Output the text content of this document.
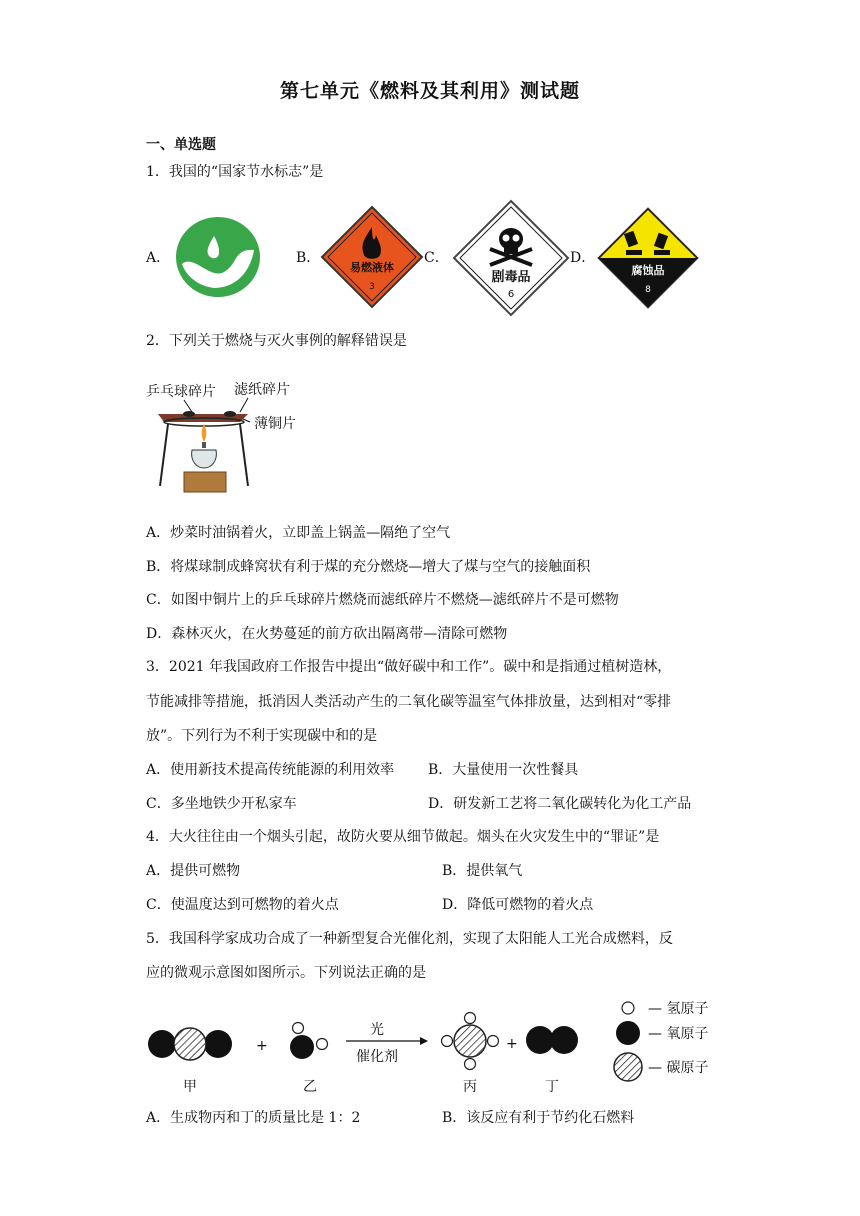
第七单元《燃料及其利用》测试题
一、单选题
1．我国的“国家节水标志”是
A．	B．
易燃液体
3
C．
剧毒品
6
D．
腐蚀品
8
2．下列关于燃烧与灭火事例的解释错误是
乒乓球碎片 滤纸碎片
薄铜片
A．炒菜时油锅着火，立即盖上锅盖—隔绝了空气
B．将煤球制成蜂窝状有利于煤的充分燃烧—增大了煤与空气的接触面积
C．如图中铜片上的乒乓球碎片燃烧而滤纸碎片不燃烧—滤纸碎片不是可燃物
D．森林灭火，在火势蔓延的前方砍出隔离带—清除可燃物
3．2021 年我国政府工作报告中提出“做好碳中和工作”。碳中和是指通过植树造林，
节能减排等措施，抵消因人类活动产生的二氧化碳等温室气体排放量，达到相对“零排
放”。下列行为不利于实现碳中和的是
A．使用新技术提高传统能源的利用效率 B．大量使用一次性餐具
C．多坐地铁少开私家车	D．研发新工艺将二氧化碳转化为化工产品
4．大火往往由一个烟头引起，故防火要从细节做起。烟头在火灾发生中的“罪证”是
A．提供可燃物	B．提供氧气
C．使温度达到可燃物的着火点	D．降低可燃物的着火点
5．我国科学家成功合成了一种新型复合光催化剂，实现了太阳能人工光合成燃料，反
应的微观示意图如图所示。下列说法正确的是
+
光
催化剂
+
甲	乙	丙	丁
— 氢原子
— 氧原子
— 碳原子
A．生成物丙和丁的质量比是 1：2	B．该反应有利于节约化石燃料
